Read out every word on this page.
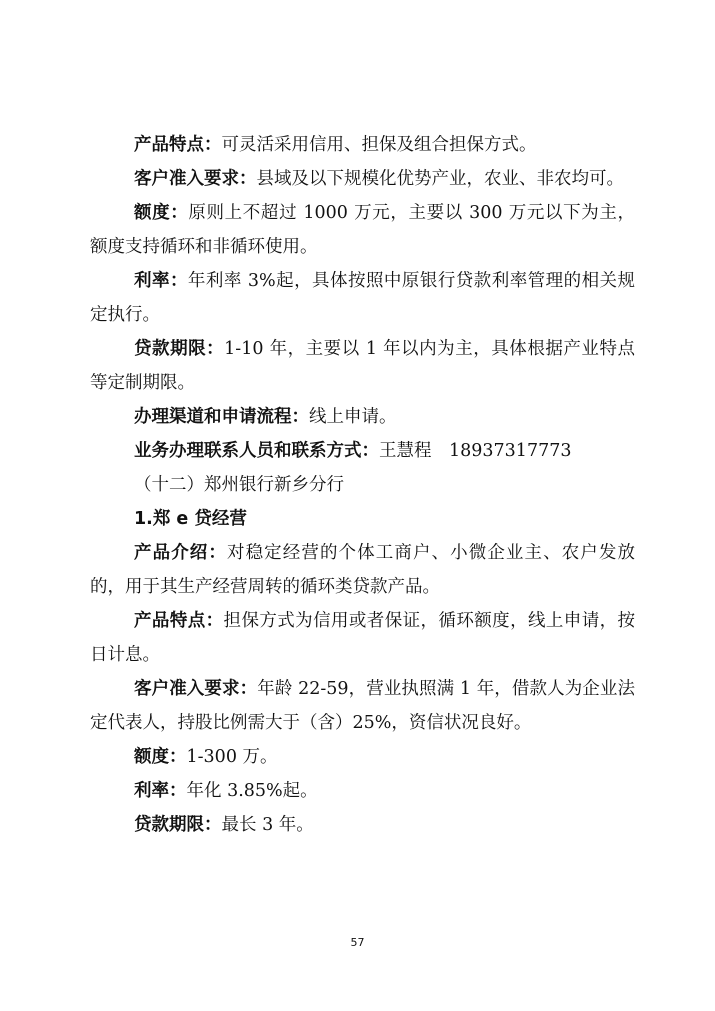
产品特点：可灵活采用信用、担保及组合担保方式。

客户准入要求：县域及以下规模化优势产业，农业、非农均可。

额度：原则上不超过 1000 万元，主要以 300 万元以下为主，额度支持循环和非循环使用。

利率：年利率 3%起，具体按照中原银行贷款利率管理的相关规定执行。

贷款期限：1-10 年，主要以 1 年以内为主，具体根据产业特点等定制期限。

办理渠道和申请流程：线上申请。

业务办理联系人员和联系方式：王慧程　18937317773

（十二）郑州银行新乡分行

1.郑 e 贷经营

产品介绍：对稳定经营的个体工商户、小微企业主、农户发放的，用于其生产经营周转的循环类贷款产品。

产品特点：担保方式为信用或者保证，循环额度，线上申请，按日计息。

客户准入要求：年龄 22-59，营业执照满 1 年，借款人为企业法定代表人，持股比例需大于（含）25%，资信状况良好。

额度：1-300 万。

利率：年化 3.85%起。

贷款期限：最长 3 年。

57
